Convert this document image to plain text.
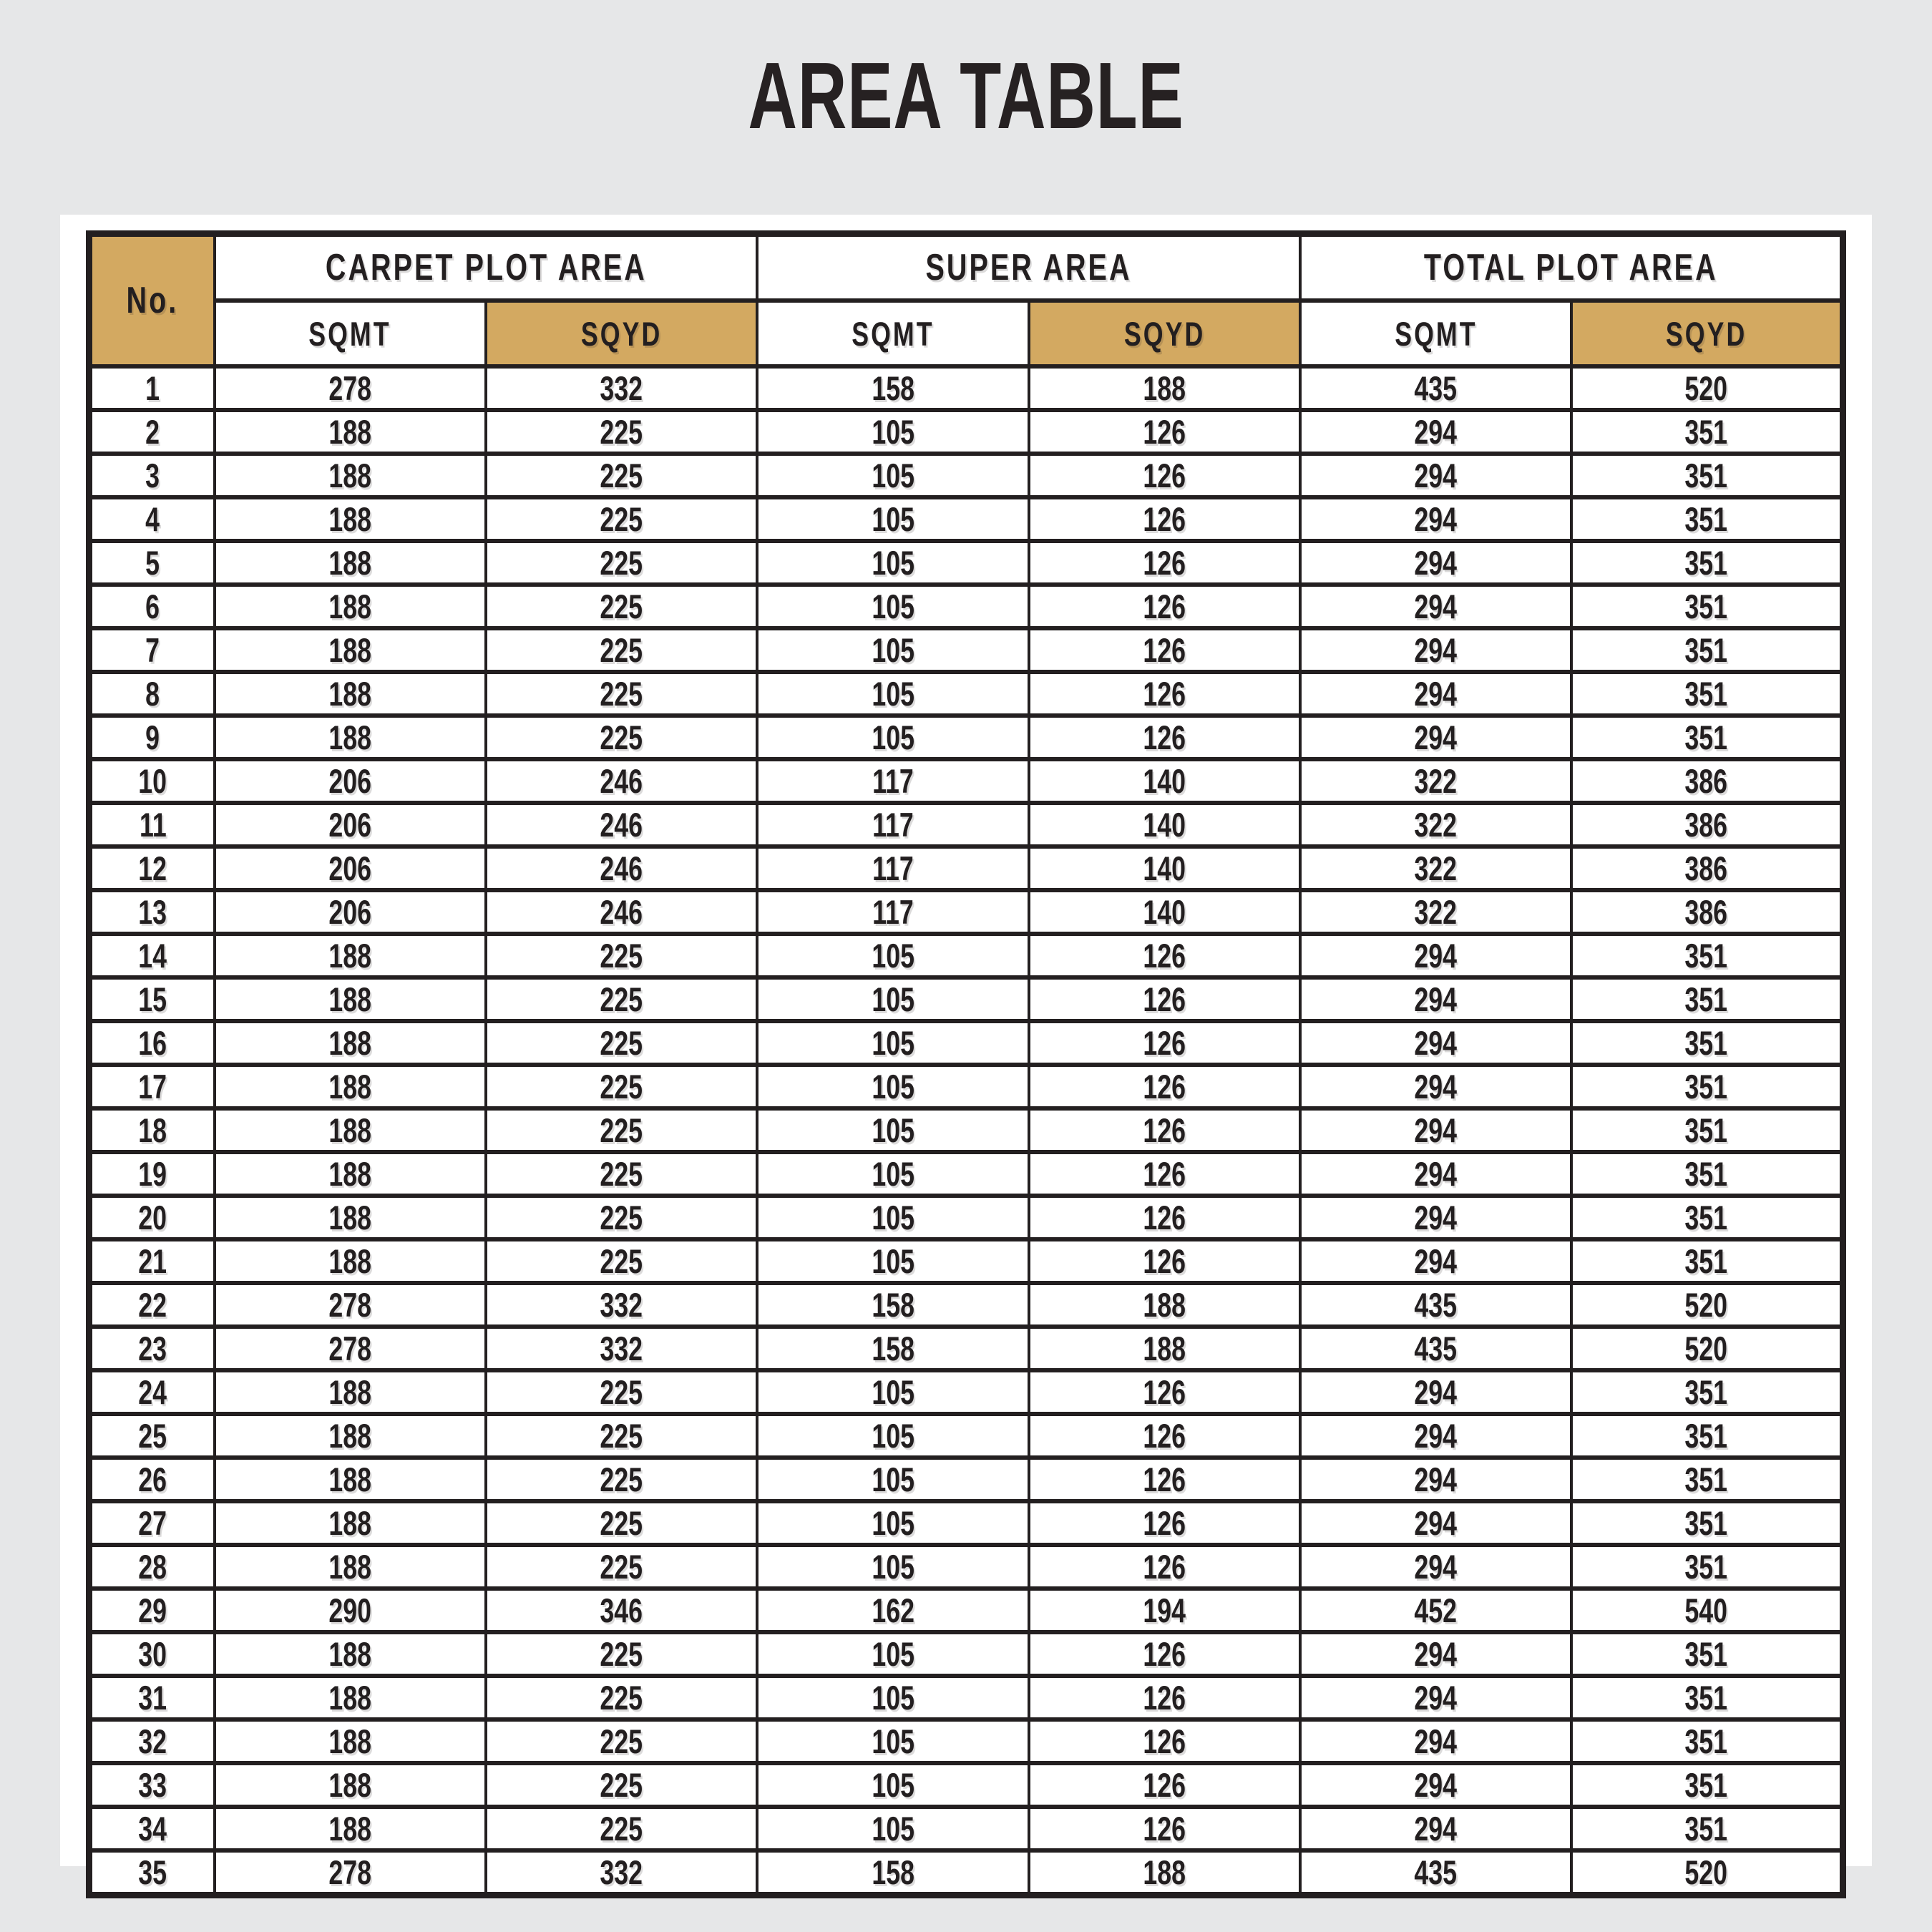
AREA TABLE
No.	CARPET PLOT AREA		SUPER AREA		TOTAL PLOT AREA	
	SQMT	SQYD	SQMT	SQYD	SQMT	SQYD
1	278	332	158	188	435	520
2	188	225	105	126	294	351
3	188	225	105	126	294	351
4	188	225	105	126	294	351
5	188	225	105	126	294	351
6	188	225	105	126	294	351
7	188	225	105	126	294	351
8	188	225	105	126	294	351
9	188	225	105	126	294	351
10	206	246	117	140	322	386
11	206	246	117	140	322	386
12	206	246	117	140	322	386
13	206	246	117	140	322	386
14	188	225	105	126	294	351
15	188	225	105	126	294	351
16	188	225	105	126	294	351
17	188	225	105	126	294	351
18	188	225	105	126	294	351
19	188	225	105	126	294	351
20	188	225	105	126	294	351
21	188	225	105	126	294	351
22	278	332	158	188	435	520
23	278	332	158	188	435	520
24	188	225	105	126	294	351
25	188	225	105	126	294	351
26	188	225	105	126	294	351
27	188	225	105	126	294	351
28	188	225	105	126	294	351
29	290	346	162	194	452	540
30	188	225	105	126	294	351
31	188	225	105	126	294	351
32	188	225	105	126	294	351
33	188	225	105	126	294	351
34	188	225	105	126	294	351
35	278	332	158	188	435	520
